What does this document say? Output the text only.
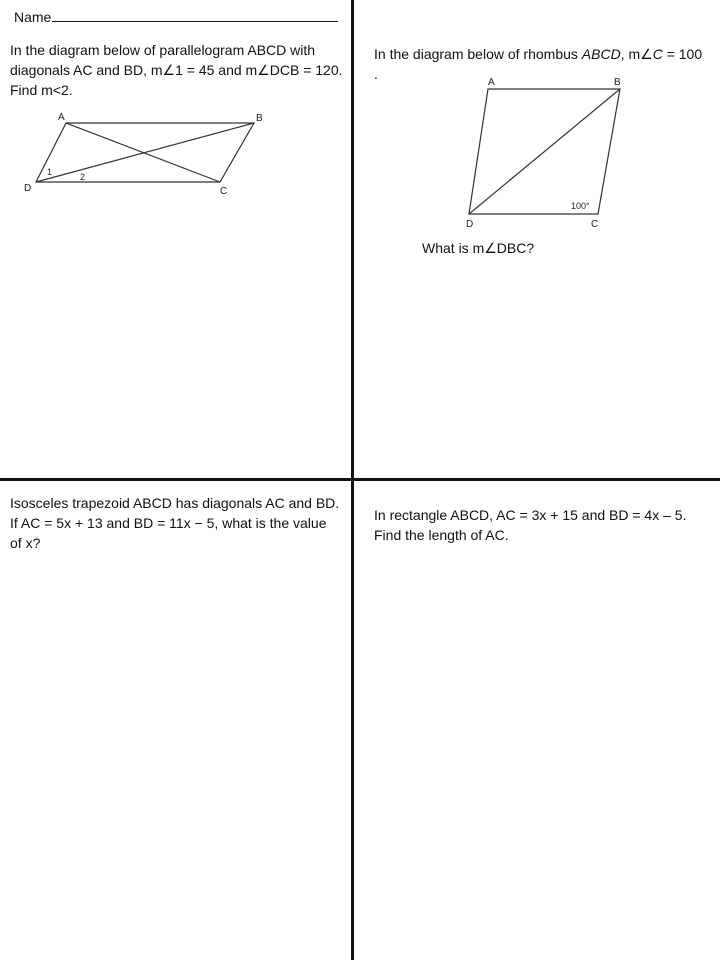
Name
In the diagram below of parallelogram ABCD with diagonals AC and BD, m∠1 = 45 and m∠DCB = 120. Find m<2.
A	B
C
D
1	2
In the diagram below of rhombus ABCD, m∠C = 100 .
A	B
C
D
100°
What is m∠DBC?
Isosceles trapezoid ABCD has diagonals AC and BD. If AC = 5x + 13 and BD = 11x − 5, what is the value of x?
In rectangle ABCD, AC = 3x + 15 and BD = 4x – 5. Find the length of AC.
